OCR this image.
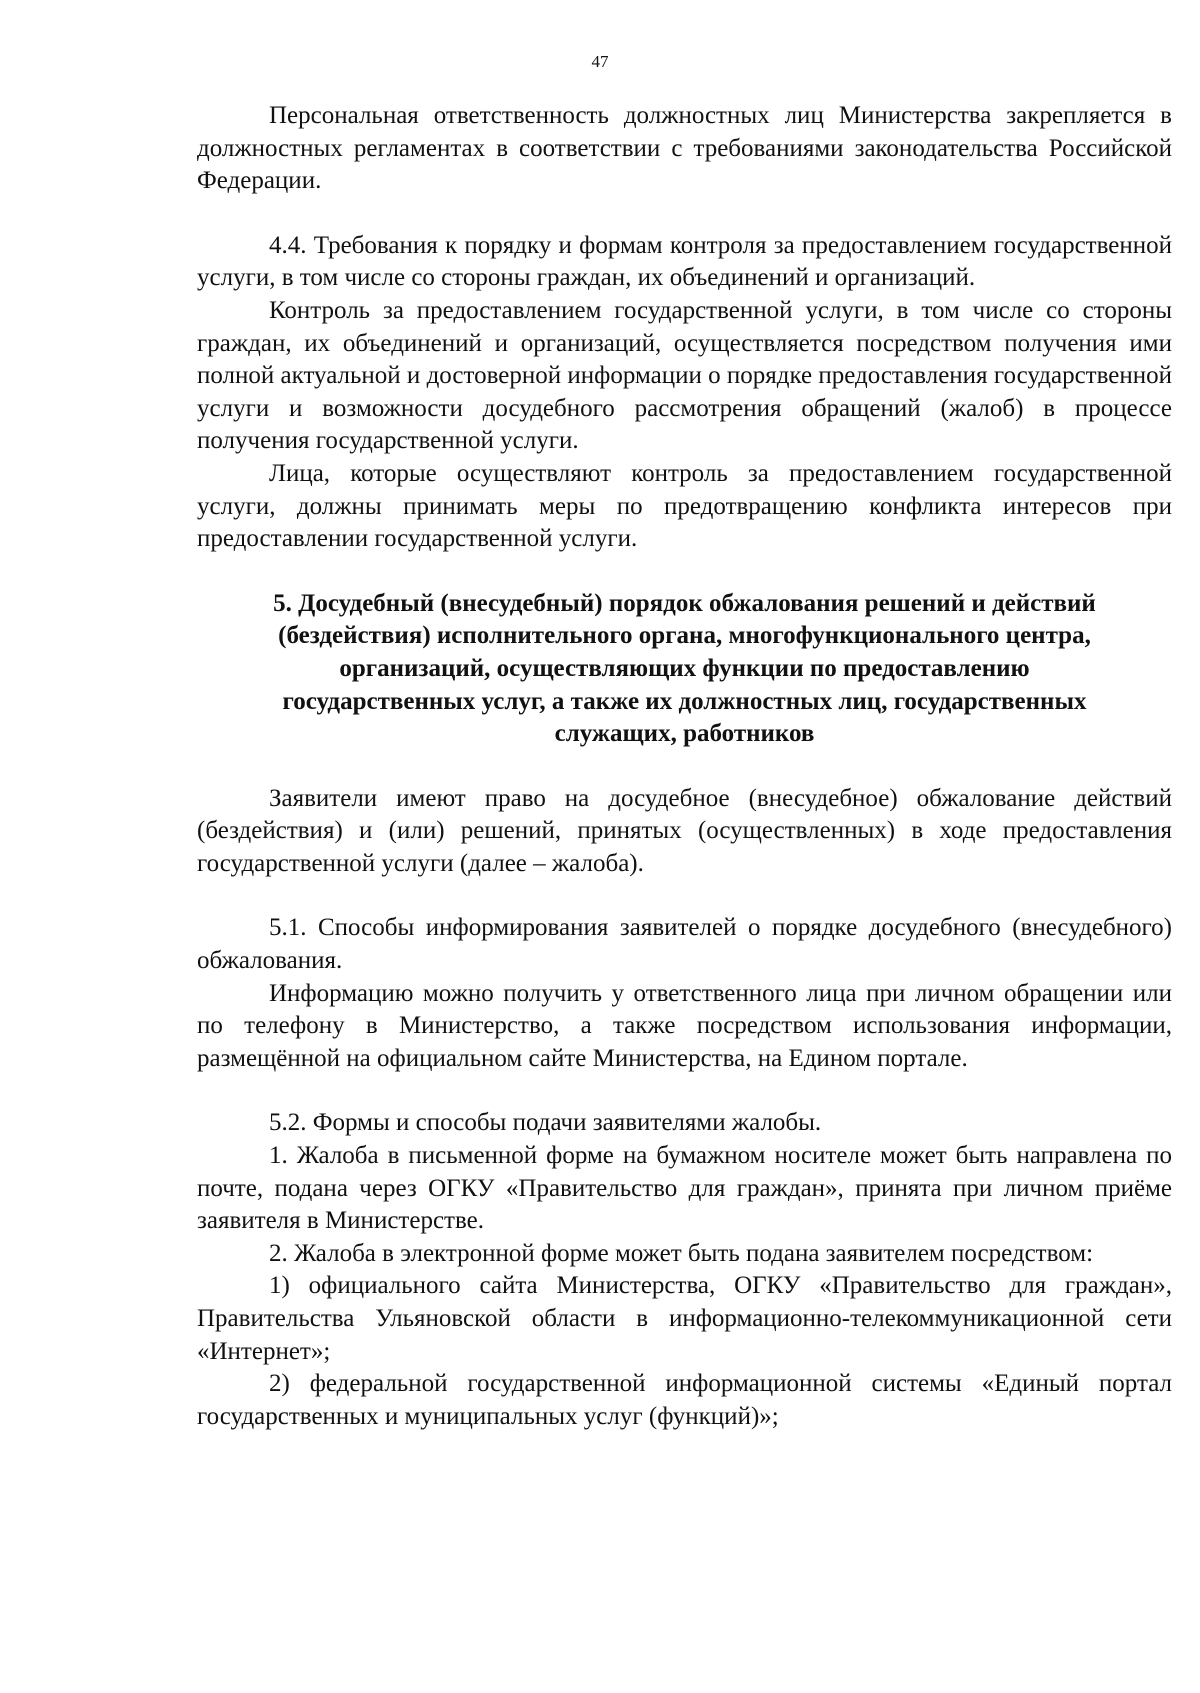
47

Персональная ответственность должностных лиц Министерства закрепляется в должностных регламентах в соответствии с требованиями законодательства Российской Федерации.

4.4. Требования к порядку и формам контроля за предоставлением государственной услуги, в том числе со стороны граждан, их объединений и организаций.

Контроль за предоставлением государственной услуги, в том числе со стороны граждан, их объединений и организаций, осуществляется посредством получения ими полной актуальной и достоверной информации о порядке предоставления государственной услуги и возможности досудебного рассмотрения обращений (жалоб) в процессе получения государственной услуги.

Лица, которые осуществляют контроль за предоставлением государственной услуги, должны принимать меры по предотвращению конфликта интересов при предоставлении государственной услуги.

5. Досудебный (внесудебный) порядок обжалования решений и действий
(бездействия) исполнительного органа, многофункционального центра,
организаций, осуществляющих функции по предоставлению
государственных услуг, а также их должностных лиц, государственных
служащих, работников

Заявители имеют право на досудебное (внесудебное) обжалование действий (бездействия) и (или) решений, принятых (осуществленных) в ходе предоставления государственной услуги (далее – жалоба).

5.1. Способы информирования заявителей о порядке досудебного (внесудебного) обжалования.

Информацию можно получить у ответственного лица при личном обращении или по телефону в Министерство, а также посредством использования информации, размещённой на официальном сайте Министерства, на Едином портале.

5.2. Формы и способы подачи заявителями жалобы.

1. Жалоба в письменной форме на бумажном носителе может быть направлена по почте, подана через ОГКУ «Правительство для граждан», принята при личном приёме заявителя в Министерстве.

2. Жалоба в электронной форме может быть подана заявителем посредством:

1) официального сайта Министерства, ОГКУ «Правительство для граждан», Правительства Ульяновской области в информационно-телекоммуникационной сети «Интернет»;

2) федеральной государственной информационной системы «Единый портал государственных и муниципальных услуг (функций)»;
